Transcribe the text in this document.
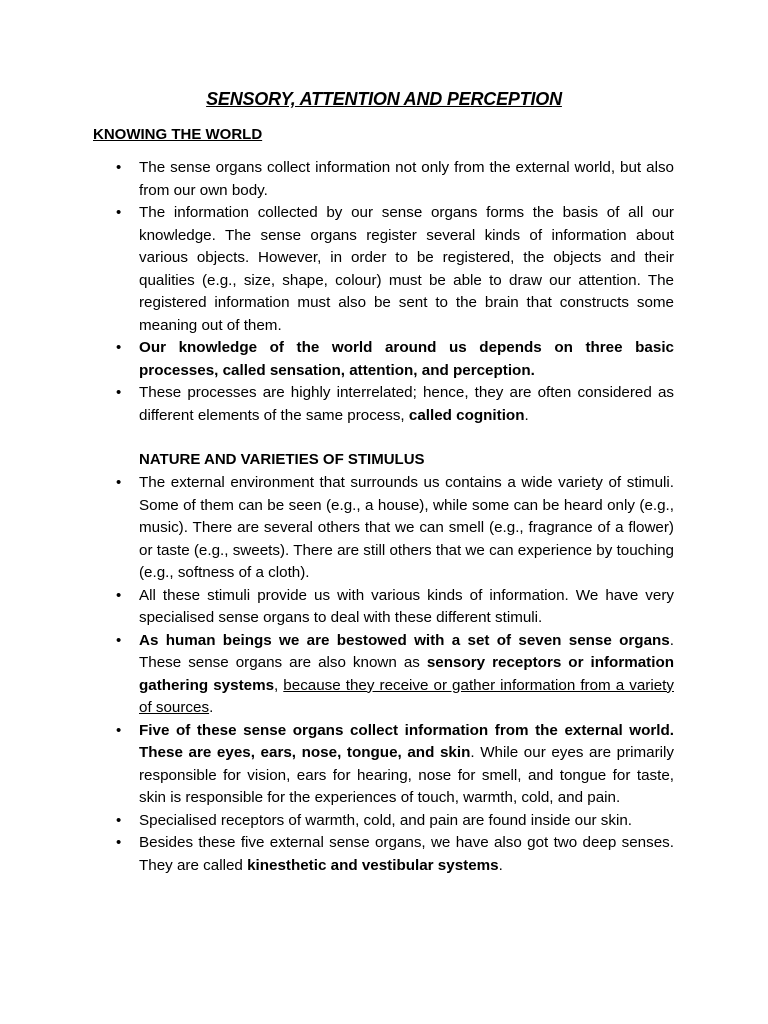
SENSORY, ATTENTION AND PERCEPTION
KNOWING THE WORLD
• The sense organs collect information not only from the external world, but also from our own body.
• The information collected by our sense organs forms the basis of all our knowledge. The sense organs register several kinds of information about various objects. However, in order to be registered, the objects and their qualities (e.g., size, shape, colour) must be able to draw our attention. The registered information must also be sent to the brain that constructs some meaning out of them.
• Our knowledge of the world around us depends on three basic processes, called sensation, attention, and perception.
• These processes are highly interrelated; hence, they are often considered as different elements of the same process, called cognition.
NATURE AND VARIETIES OF STIMULUS
• The external environment that surrounds us contains a wide variety of stimuli. Some of them can be seen (e.g., a house), while some can be heard only (e.g., music). There are several others that we can smell (e.g., fragrance of a flower) or taste (e.g., sweets). There are still others that we can experience by touching (e.g., softness of a cloth).
• All these stimuli provide us with various kinds of information. We have very specialised sense organs to deal with these different stimuli.
• As human beings we are bestowed with a set of seven sense organs. These sense organs are also known as sensory receptors or information gathering systems, because they receive or gather information from a variety of sources.
• Five of these sense organs collect information from the external world. These are eyes, ears, nose, tongue, and skin. While our eyes are primarily responsible for vision, ears for hearing, nose for smell, and tongue for taste, skin is responsible for the experiences of touch, warmth, cold, and pain.
• Specialised receptors of warmth, cold, and pain are found inside our skin.
• Besides these five external sense organs, we have also got two deep senses. They are called kinesthetic and vestibular systems.
